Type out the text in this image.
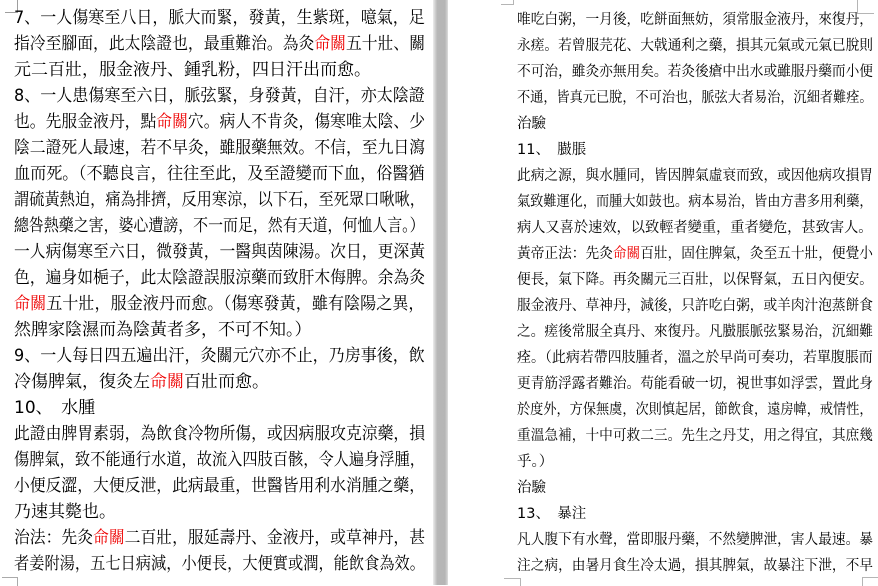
7、一人傷寒至八日，脈大而緊，發黃，生紫斑，噫氣，足
指冷至腳面，此太陰證也，最重難治。為灸命關五十壯、關
元二百壯，服金液丹、鍾乳粉，四日汗出而愈。
8、一人患傷寒至六日，脈弦緊，身發黃，自汗，亦太陰證
也。先服金液丹，點命關穴。病人不肯灸，傷寒唯太陰、少
陰二證死人最速，若不早灸，雖服藥無效。不信，至九日瀉
血而死。（不聽良言，往往至此，及至證變而下血，俗醫猶
謂硫黃熱迫，痛為排擠，反用寒涼，以下石，至死眾口啾啾，
總咎熱藥之害，婆心遭謗，不一而足，然有天道，何恤人言。）
一人病傷寒至六日，微發黃，一醫與茵陳湯。次日，更深黃
色，遍身如梔子，此太陰證誤服涼藥而致肝木侮脾。余為灸
命關五十壯，服金液丹而愈。（傷寒發黃，雖有陰陽之異，
然脾家陰濕而為陰黃者多，不可不知。）
9、一人每日四五遍出汗，灸關元穴亦不止，乃房事後，飲
冷傷脾氣，復灸左命關百壯而愈。
10、　水腫
此證由脾胃素弱，為飲食冷物所傷，或因病服攻克涼藥，損
傷脾氣，致不能通行水道，故流入四肢百骸，令人遍身浮腫，
小便反澀，大便反泄，此病最重，世醫皆用利水消腫之藥，
乃速其斃也。
治法：先灸命關二百壯，服延壽丹、金液丹，或草神丹，甚
者姜附湯，五七日病減，小便長，大便實或潤，能飲食為效。
唯吃白粥，一月後，吃餅面無妨，須常服金液丹，來復丹，
永瘥。若曾服芫花、大戟通利之藥，損其元氣或元氣已脫則
不可治，雖灸亦無用矣。若灸後瘡中出水或雖服丹藥而小便
不通，皆真元已脫，不可治也，脈弦大者易治，沉細者難痊。
治驗
11、　臌脹
此病之源，與水腫同，皆因脾氣虛衰而致，或因他病攻損胃
氣致難運化，而腫大如鼓也。病本易治，皆由方書多用利藥，
病人又喜於速效，以致輕者變重，重者變危，甚致害人。
黃帝正法：先灸命關百壯，固住脾氣，灸至五十壯，便覺小
便長，氣下降。再灸關元三百壯，以保腎氣，五日內便安。
服金液丹、草神丹，減後，只許吃白粥，或羊肉汁泡蒸餅食
之。瘥後常服全真丹、來復丹。凡臌脹脈弦緊易治，沉細難
痊。（此病若帶四肢腫者，溫之於早尚可奏功，若單腹脹而
更青筋浮露者難治。苟能看破一切，視世事如浮雲，置此身
於度外，方保無虞，次則慎起居，節飲食，遠房幃，戒情性，
重溫急補，十中可救二三。先生之丹艾，用之得宜，其庶幾
乎。）
治驗
13、　暴注
凡人腹下有水聲，當即服丹藥，不然變脾泄，害人最速。暴
注之病，由暑月食生冷太過，損其脾氣，故暴注下泄，不早
